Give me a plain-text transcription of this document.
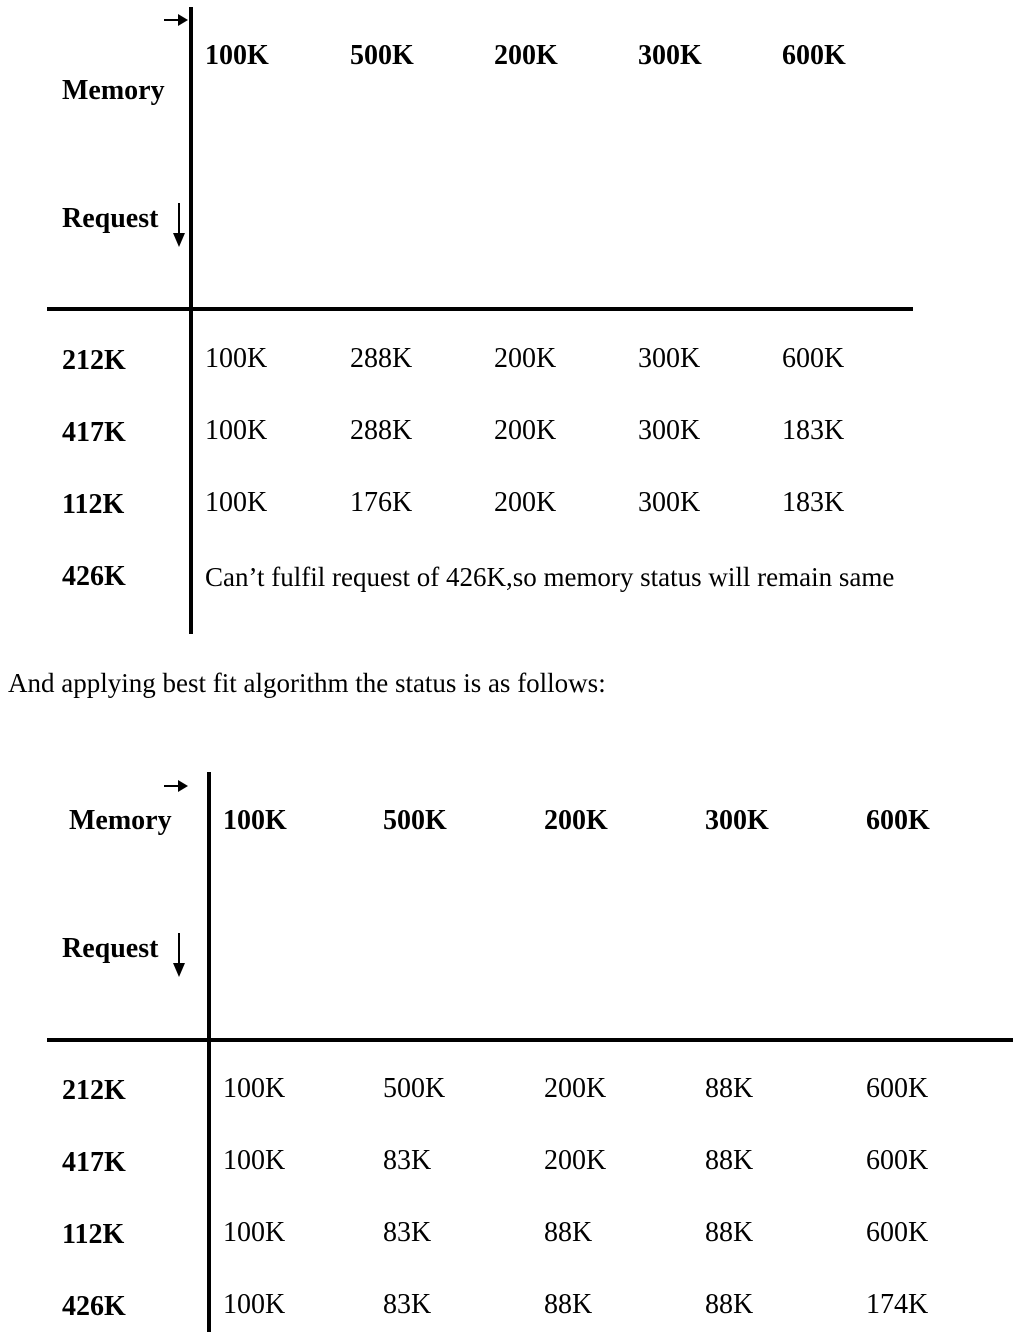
Memory
Request
100K	500K	200K	300K	600K
212K	100K	288K	200K	300K	600K
417K	100K	288K	200K	300K	183K
112K	100K	176K	200K	300K	183K
426K	Can’t fulfil request of 426K,so memory status will remain same
And applying best fit algorithm the status is as follows:
Memory
Request
100K	500K	200K	300K	600K
212K	100K	500K	200K	88K	600K
417K	100K	83K	200K	88K	600K
112K	100K	83K	88K	88K	600K
426K	100K	83K	88K	88K	174K
